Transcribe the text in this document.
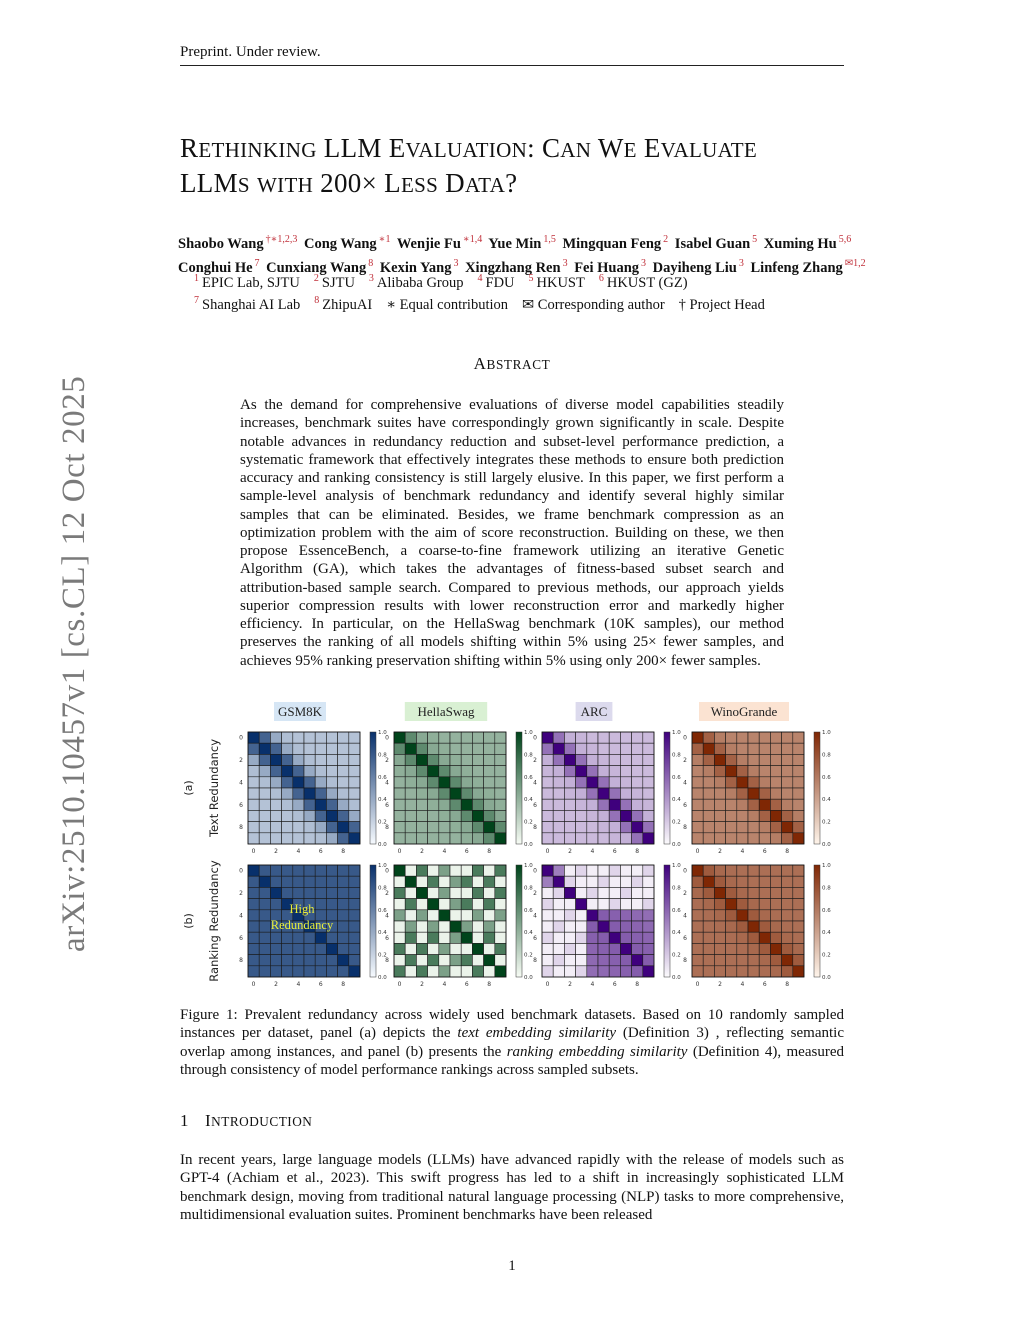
Preprint. Under review.
RETHINKING LLM EVALUATION: CAN WE EVALUATE
LLMS WITH 200× LESS DATA?
Shaobo Wang $^{\dagger∗1,2,3}$ Cong Wang $^{∗1}$ Wenjie Fu $^{∗1,4}$ Yue Min $^{1,5}$ Mingquan Feng $^2$ Isabel Guan $^5$ Xuming Hu $^{5,6}$
Conghui He $^7$ Cunxiang Wang $^8$ Kexin Yang $^3$ Xingzhang Ren $^3$ Fei Huang $^3$ Dayiheng Liu $^3$ Linfeng Zhang $^{✉1,2}$
$^1$ EPIC Lab, SJTU $^2$ SJTU $^3$ Alibaba Group $^4$ FDU $^5$ HKUST $^6$ HKUST (GZ)
$^7$ Shanghai AI Lab $^8$ ZhipuAI ∗ Equal contribution ✉ Corresponding author † Project Head
ABSTRACT
As the demand for comprehensive evaluations of diverse model capabilities steadily increases, benchmark suites have correspondingly grown significantly in scale. Despite notable advances in redundancy reduction and subset-level performance prediction, a systematic framework that effectively integrates these methods to ensure both prediction accuracy and ranking consistency is still largely elusive. In this paper, we first perform a sample-level analysis of benchmark redundancy and identify several highly similar samples that can be eliminated. Besides, we frame benchmark compression as an optimization problem with the aim of score reconstruction. Building on these, we then propose EssenceBench, a coarse-to-fine framework utilizing an iterative Genetic Algorithm (GA), which takes the advantages of fitness-based subset search and attribution-based sample search. Compared to previous methods, our approach yields superior compression results with lower reconstruction error and markedly higher efficiency. In particular, on the HellaSwag benchmark (10K samples), our method preserves the ranking of all models shifting within 5% using 25× fewer samples, and achieves 95% ranking preservation shifting within 5% using only 200× fewer samples.
arXiv:2510.10457v1 [cs.CL] 12 Oct 2025	GSM8K	HellaSwag	ARC	WinoGrande
(a) Text Redundancy
(b) Ranking Redundancy
0
0
2
2
4
4
6
6
8
8
0.0
0.2
0.4
0.6
0.8
1.0
0
0
2
2
4
4
6
6
8
8
0.0
0.2
0.4
0.6
0.8
1.0
0
0
2
2
4
4
6
6
8
8
0.0
0.2
0.4
0.6
0.8
1.0
0
0
2
2
4
4
6
6
8
8
0.0
0.2
0.4
0.6
0.8
1.0
0
0
2
2
4
4
6
6
8
8
0.0
0.2
0.4
0.6
0.8
1.0
0
0
2
2
4
4
6
6
8
8
0.0
0.2
0.4
0.6
0.8
1.0
0
0
2
2
4
4
6
6
8
8
0.0
0.2
0.4
0.6
0.8
1.0
0
0
2
2
4
4
6
6
8
8
0.0
0.2
0.4
0.6
0.8
1.0
High
Redundancy
Figure 1: Prevalent redundancy across widely used benchmark datasets. Based on 10 randomly sampled instances per dataset, panel (a) depicts the text embedding similarity (Definition 3) , reflecting semantic overlap among instances, and panel (b) presents the ranking embedding similarity (Definition 4), measured through consistency of model performance rankings across sampled subsets.
1 INTRODUCTION
In recent years, large language models (LLMs) have advanced rapidly with the release of models such as GPT-4 (Achiam et al., 2023). This swift progress has led to a shift in increasingly sophisticated LLM benchmark design, moving from traditional natural language processing (NLP) tasks to more comprehensive, multidimensional evaluation suites. Prominent benchmarks have been released
1
